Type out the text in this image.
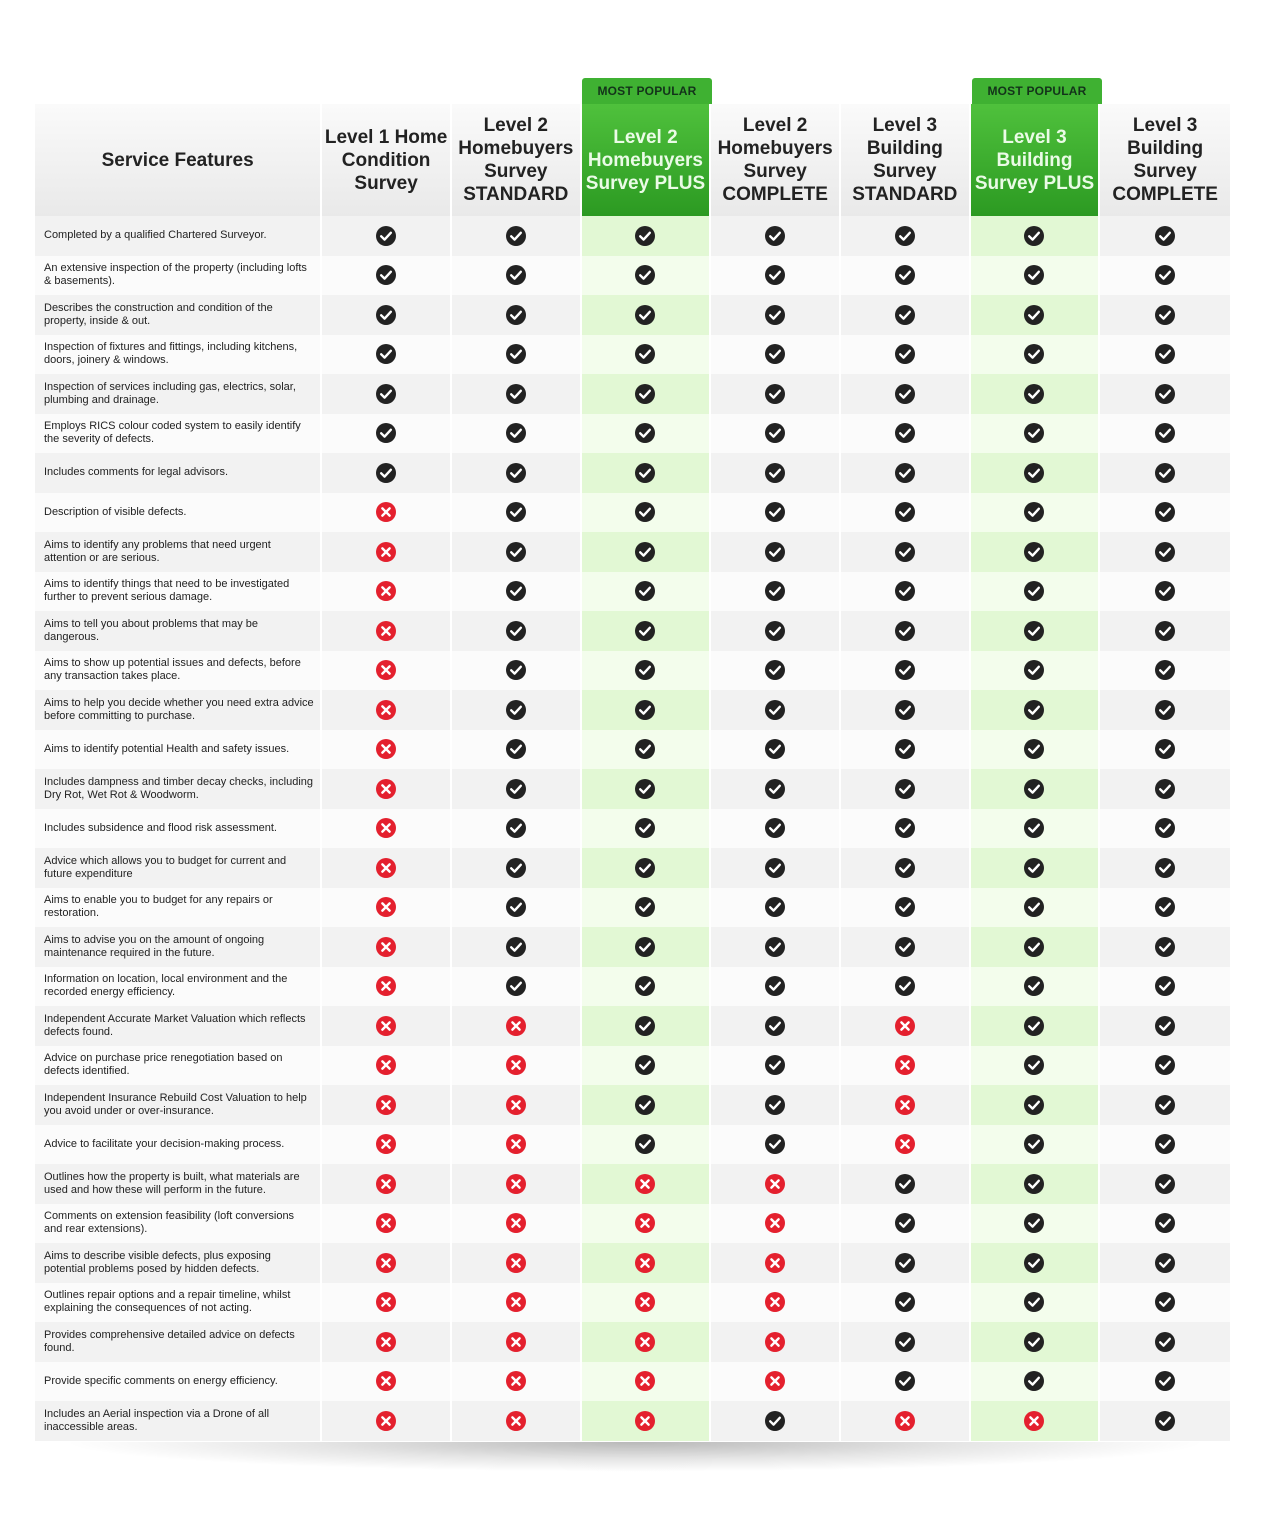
MOST POPULAR	MOST POPULAR
Service Features
Level 1 Home
Condition
Survey
Level 2
Homebuyers
Survey
STANDARD
Level 2
Homebuyers
Survey PLUS
Level 2
Homebuyers
Survey
COMPLETE
Level 3
Building
Survey
STANDARD
Level 3
Building
Survey PLUS
Level 3
Building
Survey
COMPLETE
Completed by a qualified Chartered Surveyor.
An extensive inspection of the property (including lofts & basements).
Describes the construction and condition of the property, inside & out.
Inspection of fixtures and fittings, including kitchens, doors, joinery & windows.
Inspection of services including gas, electrics, solar, plumbing and drainage.
Employs RICS colour coded system to easily identify the severity of defects.
Includes comments for legal advisors.
Description of visible defects.
Aims to identify any problems that need urgent attention or are serious.
Aims to identify things that need to be investigated further to prevent serious damage.
Aims to tell you about problems that may be dangerous.
Aims to show up potential issues and defects, before any transaction takes place.
Aims to help you decide whether you need extra advice before committing to purchase.
Aims to identify potential Health and safety issues.
Includes dampness and timber decay checks, including Dry Rot, Wet Rot & Woodworm.
Includes subsidence and flood risk assessment.
Advice which allows you to budget for current and future expenditure
Aims to enable you to budget for any repairs or restoration.
Aims to advise you on the amount of ongoing maintenance required in the future.
Information on location, local environment and the recorded energy efficiency.
Independent Accurate Market Valuation which reflects defects found.
Advice on purchase price renegotiation based on defects identified.
Independent Insurance Rebuild Cost Valuation to help you avoid under or over-insurance.
Advice to facilitate your decision-making process.
Outlines how the property is built, what materials are used and how these will perform in the future.
Comments on extension feasibility (loft conversions and rear extensions).
Aims to describe visible defects, plus exposing potential problems posed by hidden defects.
Outlines repair options and a repair timeline, whilst explaining the consequences of not acting.
Provides comprehensive detailed advice on defects found.
Provide specific comments on energy efficiency.
Includes an Aerial inspection via a Drone of all inaccessible areas.
